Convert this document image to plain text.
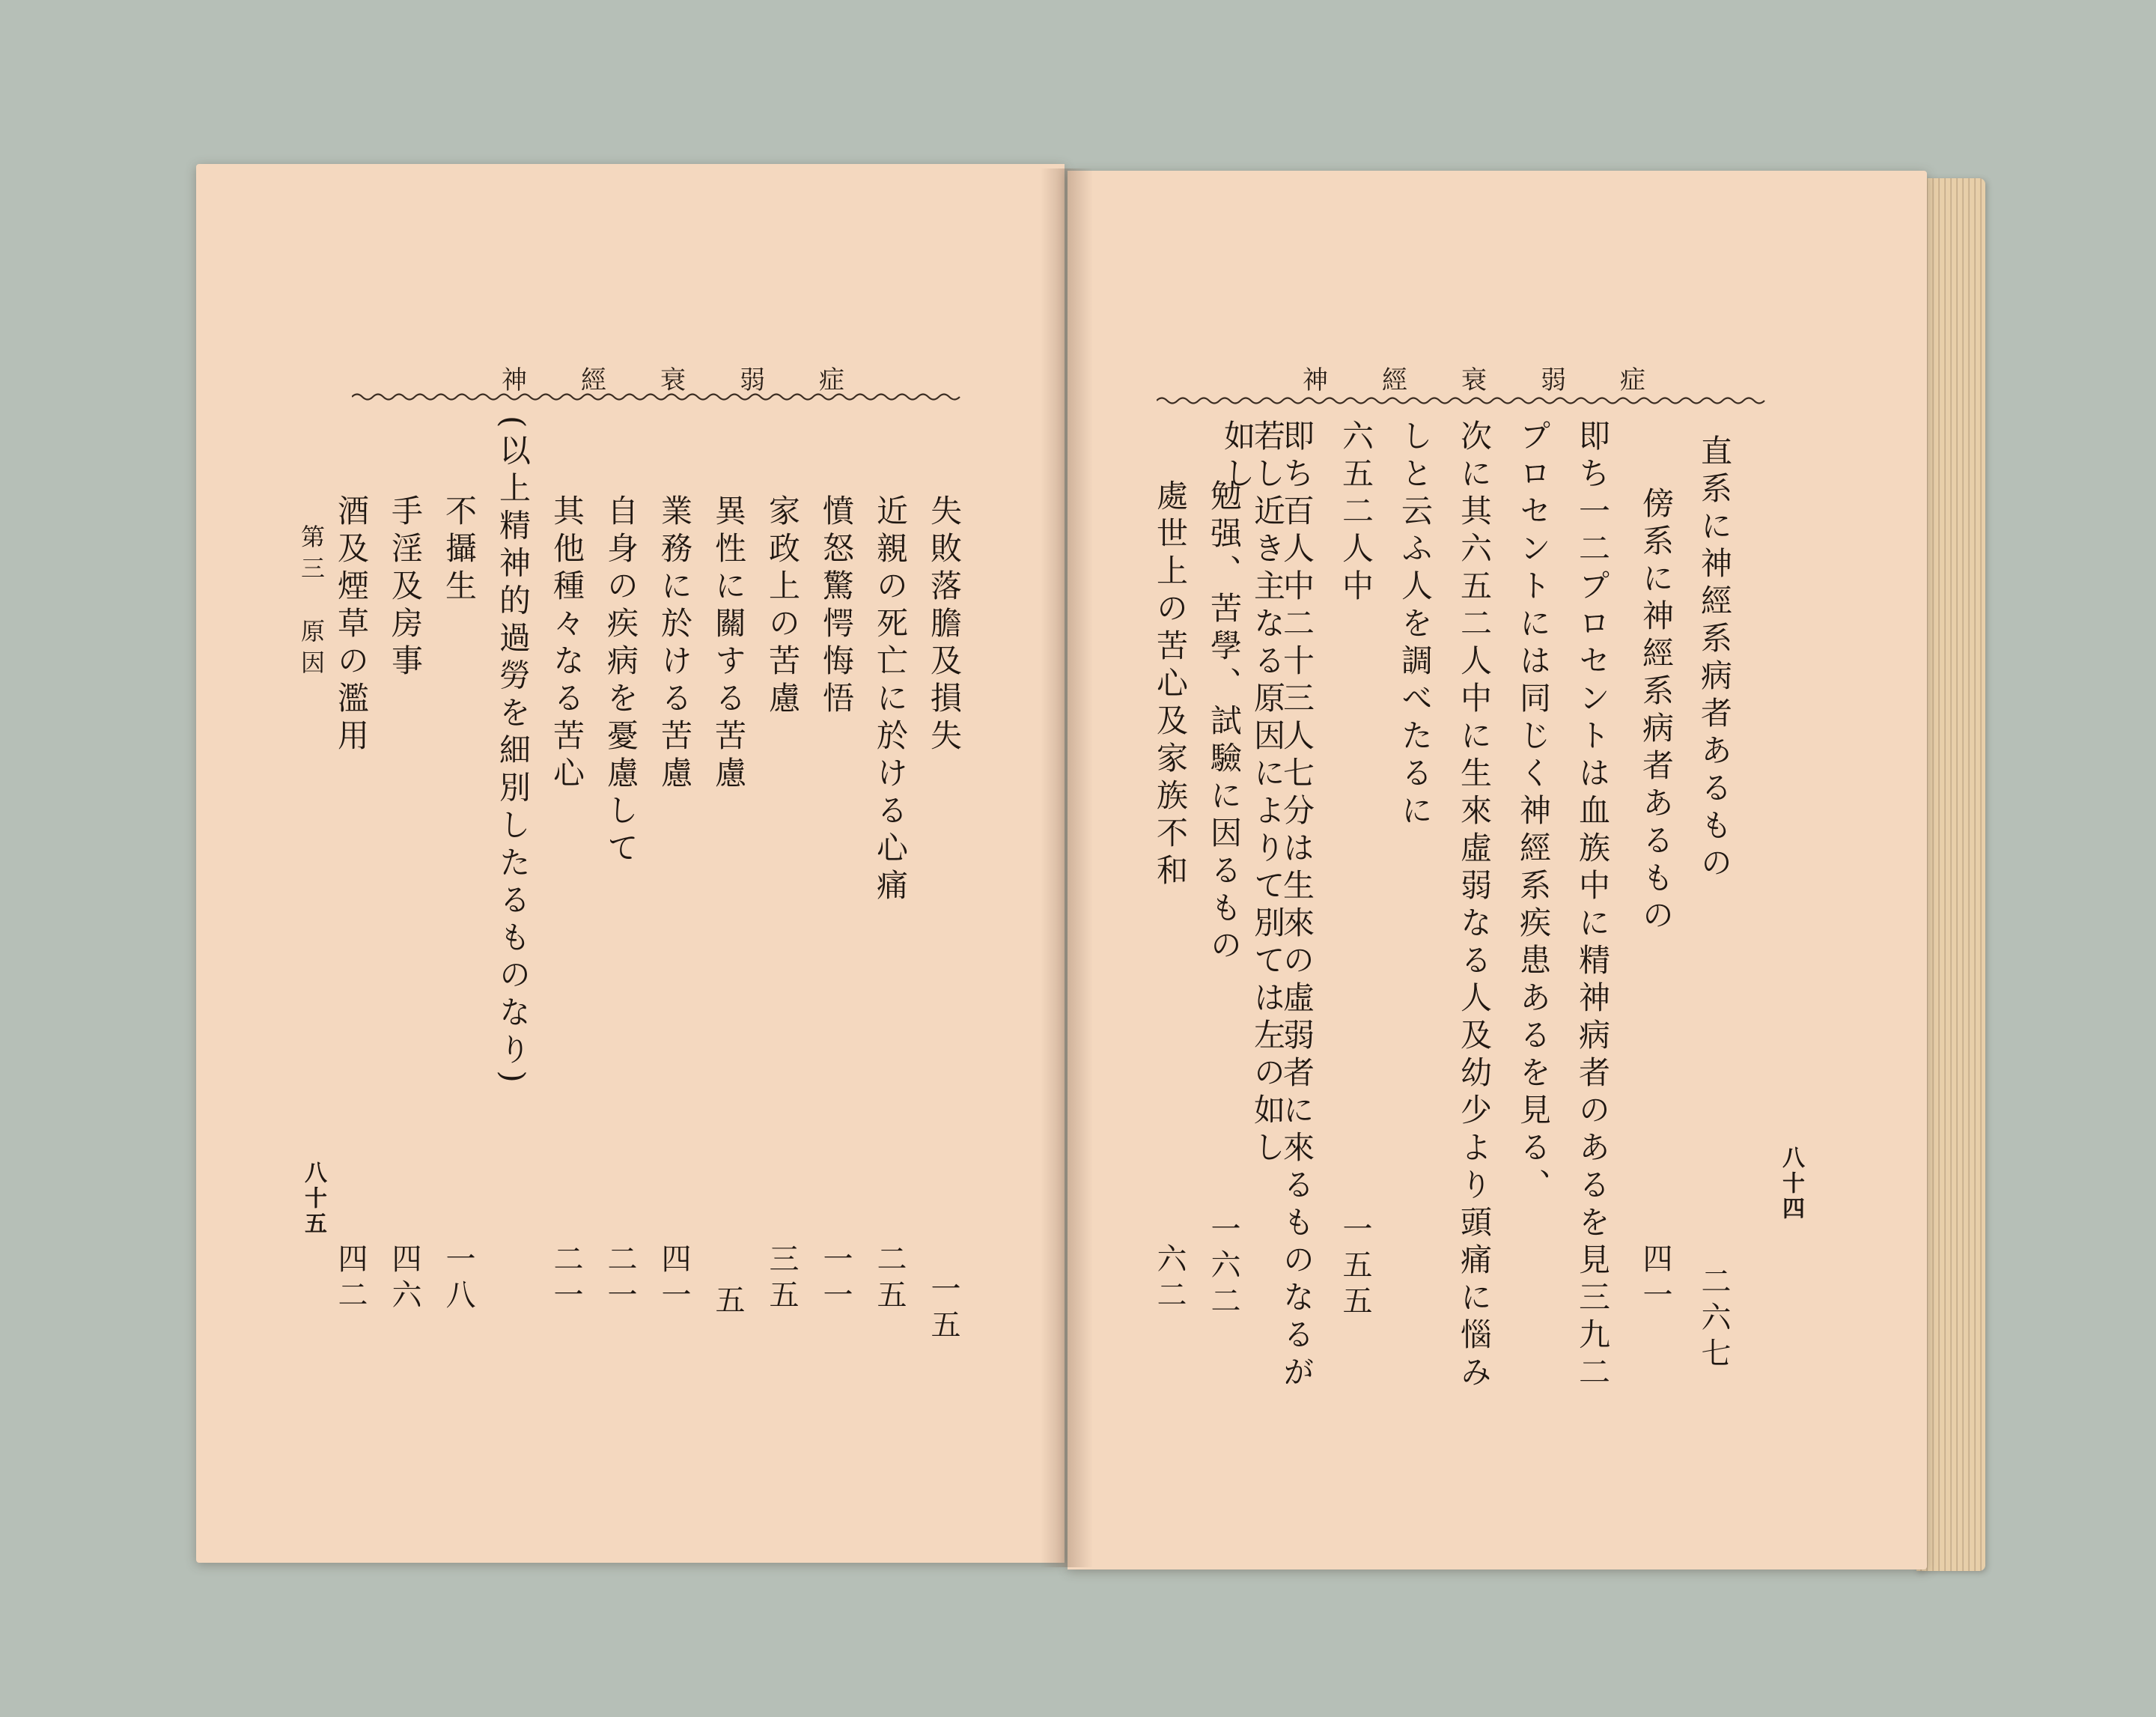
神經衰弱症	神經衰弱症
直系に神經系病者あるもの
二六七
傍系に神經系病者あるもの
四一
即ち一二プロセントは血族中に精神病者のあるを見三九二
プロセントには同じく神經系疾患あるを見る、
次に其六五二人中に生來虛弱なる人及幼少より頭痛に惱み
しと云ふ人を調べたるに
六五二人中
一五五
即ち百人中二十三人七分は生來の虛弱者に來るものなるが
如し
若し近き主なる原因によりて別ては左の如し
勉强、苦學、試驗に因るもの
一六二
處世上の苦心及家族不和
六二
八十四
失敗落膽及損失
一五
近親の死亡に於ける心痛
二五
憤怒驚愕悔悟
一一
家政上の苦慮
三五
異性に關する苦慮
五
業務に於ける苦慮
四一
自身の疾病を憂慮して
二一
其他種々なる苦心
二一
(以上精神的過勞を細別したるものなり)
不攝生
一八
手淫及房事
四六
酒及煙草の濫用
四二
第三　原因
八十五
